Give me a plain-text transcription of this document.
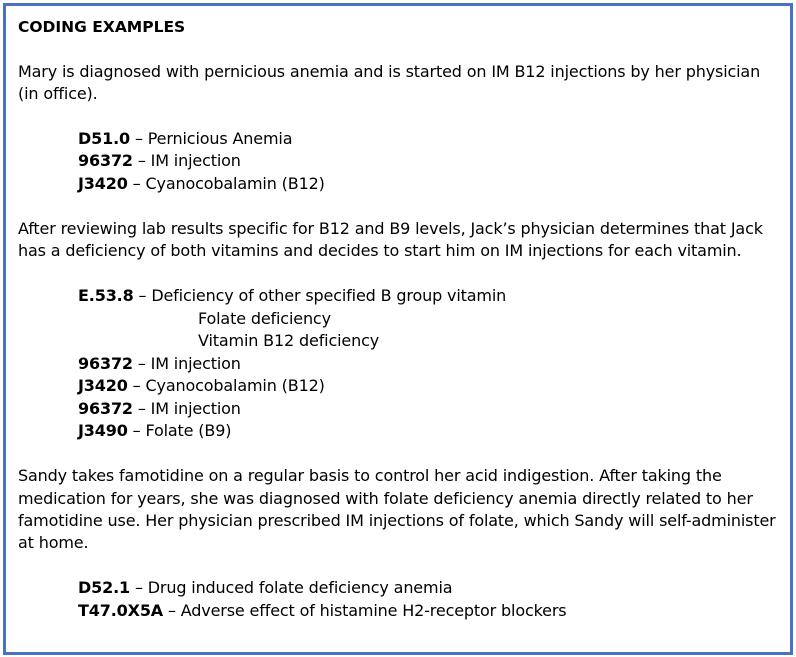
CODING EXAMPLES
Mary is diagnosed with pernicious anemia and is started on IM B12 injections by her physician (in office).
D51.0 – Pernicious Anemia
96372 – IM injection
J3420 – Cyanocobalamin (B12)
After reviewing lab results specific for B12 and B9 levels, Jack’s physician determines that Jack has a deficiency of both vitamins and decides to start him on IM injections for each vitamin.
E.53.8 – Deficiency of other specified B group vitamin
Folate deficiency
Vitamin B12 deficiency
96372 – IM injection
J3420 – Cyanocobalamin (B12)
96372 – IM injection
J3490 – Folate (B9)
Sandy takes famotidine on a regular basis to control her acid indigestion. After taking the medication for years, she was diagnosed with folate deficiency anemia directly related to her famotidine use. Her physician prescribed IM injections of folate, which Sandy will self-administer at home.
D52.1 – Drug induced folate deficiency anemia
T47.0X5A – Adverse effect of histamine H2-receptor blockers
